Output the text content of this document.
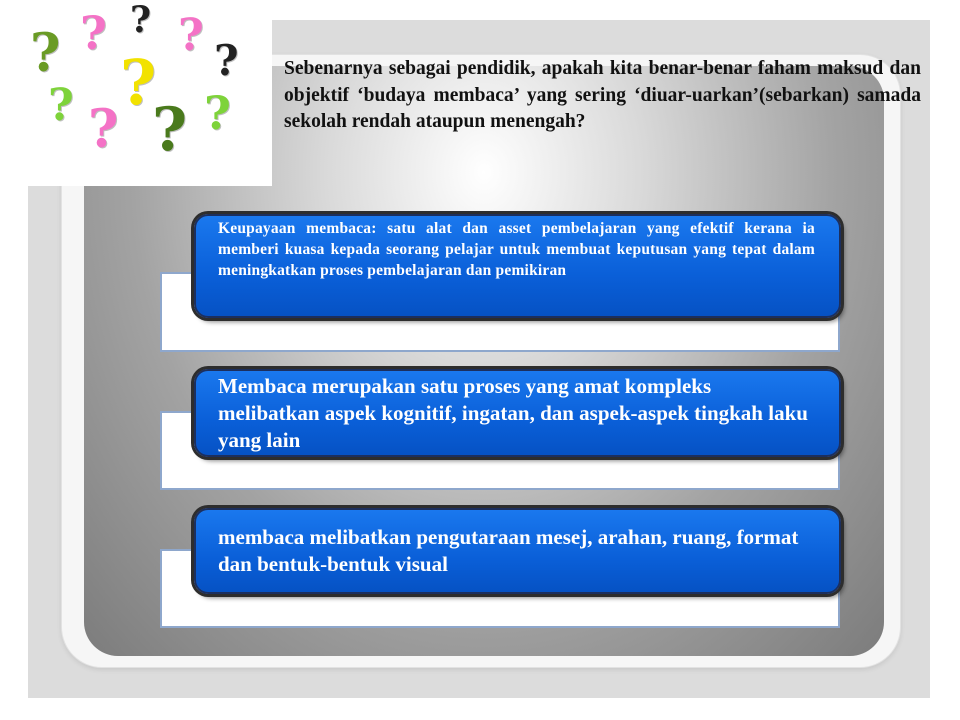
? ? ? ? ?
?
? ? ? ?
Sebenarnya sebagai pendidik, apakah kita benar-benar faham maksud dan objektif ‘budaya membaca’ yang sering ‘diuar-uarkan’(sebarkan) samada sekolah rendah ataupun menengah?
Keupayaan membaca: satu alat dan asset pembelajaran yang efektif kerana ia memberi kuasa kepada seorang pelajar untuk membuat keputusan yang tepat dalam meningkatkan proses pembelajaran dan pemikiran
Membaca merupakan satu proses yang amat kompleks melibatkan aspek kognitif, ingatan, dan aspek-aspek tingkah laku yang lain
membaca melibatkan pengutaraan mesej, arahan, ruang, format dan bentuk-bentuk visual
